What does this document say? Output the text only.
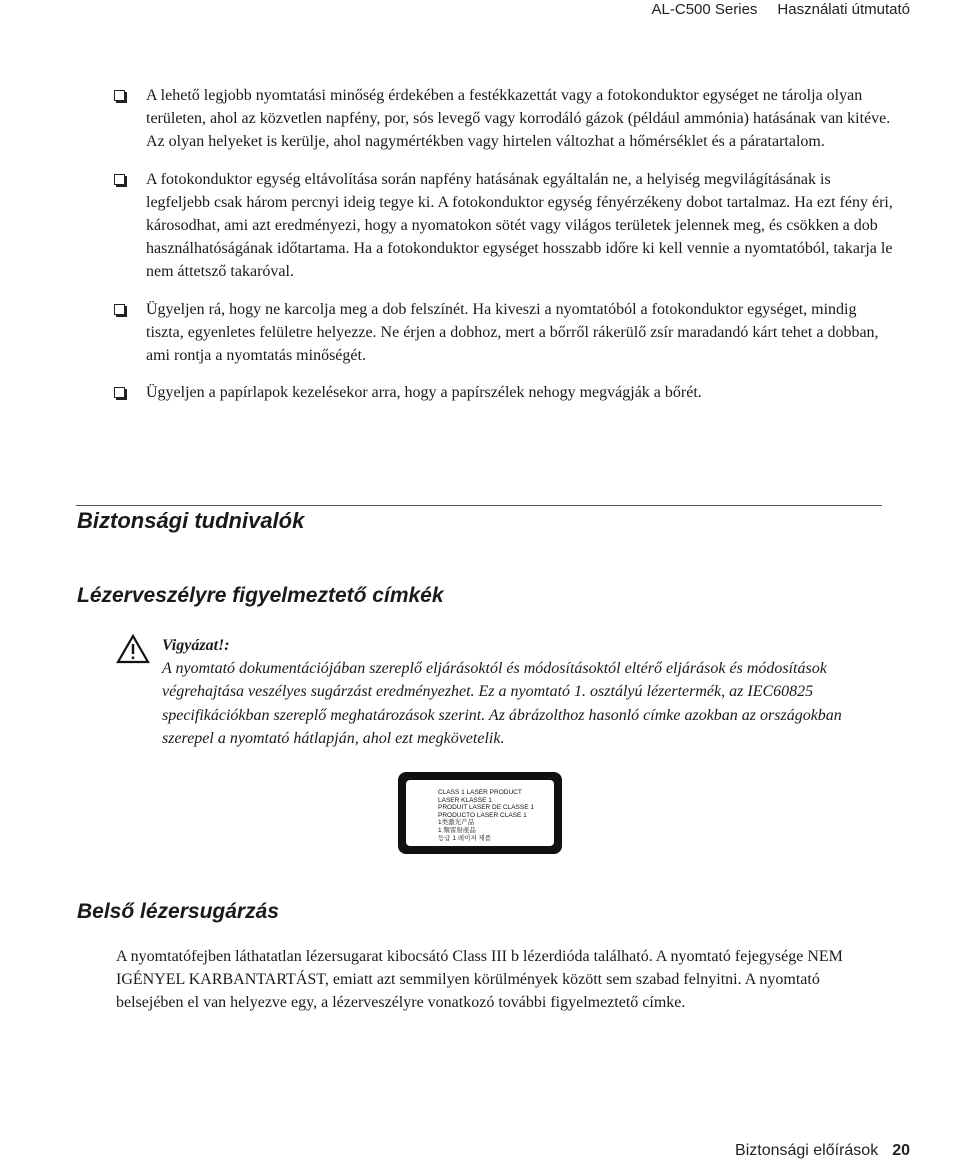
AL-C500 Series Használati útmutató
A lehető legjobb nyomtatási minőség érdekében a festékkazettát vagy a fotokonduktor egységet ne tárolja olyan területen, ahol az közvetlen napfény, por, sós levegő vagy korrodáló gázok (például ammónia) hatásának van kitéve. Az olyan helyeket is kerülje, ahol nagymértékben vagy hirtelen változhat a hőmérséklet és a páratartalom.
A fotokonduktor egység eltávolítása során napfény hatásának egyáltalán ne, a helyiség megvilágításának is legfeljebb csak három percnyi ideig tegye ki. A fotokonduktor egység fényérzékeny dobot tartalmaz. Ha ezt fény éri, károsodhat, ami azt eredményezi, hogy a nyomatokon sötét vagy világos területek jelennek meg, és csökken a dob használhatóságának időtartama. Ha a fotokonduktor egységet hosszabb időre ki kell vennie a nyomtatóból, takarja le nem áttetsző takaróval.
Ügyeljen rá, hogy ne karcolja meg a dob felszínét. Ha kiveszi a nyomtatóból a fotokonduktor egységet, mindig tiszta, egyenletes felületre helyezze. Ne érjen a dobhoz, mert a bőrről rákerülő zsír maradandó kárt tehet a dobban, ami rontja a nyomtatás minőségét.
Ügyeljen a papírlapok kezelésekor arra, hogy a papírszélek nehogy megvágják a bőrét.
Biztonsági tudnivalók
Lézerveszélyre figyelmeztető címkék
Vigyázat!:
A nyomtató dokumentációjában szereplő eljárásoktól és módosításoktól eltérő eljárások és módosítások végrehajtása veszélyes sugárzást eredményezhet. Ez a nyomtató 1. osztályú lézertermék, az IEC60825 specifikációkban szereplő meghatározások szerint. Az ábrázolthoz hasonló címke azokban az országokban szerepel a nyomtató hátlapján, ahol ezt megkövetelik.
CLASS 1 LASER PRODUCT
LASER KLASSE 1
PRODUIT LASER DE CLASSE 1
PRODUCTO LASER CLASE 1
1类激光产品
1 類雷射產品
등급 1 레이저 제품
Belső lézersugárzás
A nyomtatófejben láthatatlan lézersugarat kibocsátó Class III b lézerdióda található. A nyomtató fejegysége NEM IGÉNYEL KARBANTARTÁST, emiatt azt semmilyen körülmények között sem szabad felnyitni. A nyomtató belsejében el van helyezve egy, a lézerveszélyre vonatkozó további figyelmeztető címke.
Biztonsági előírások 20
